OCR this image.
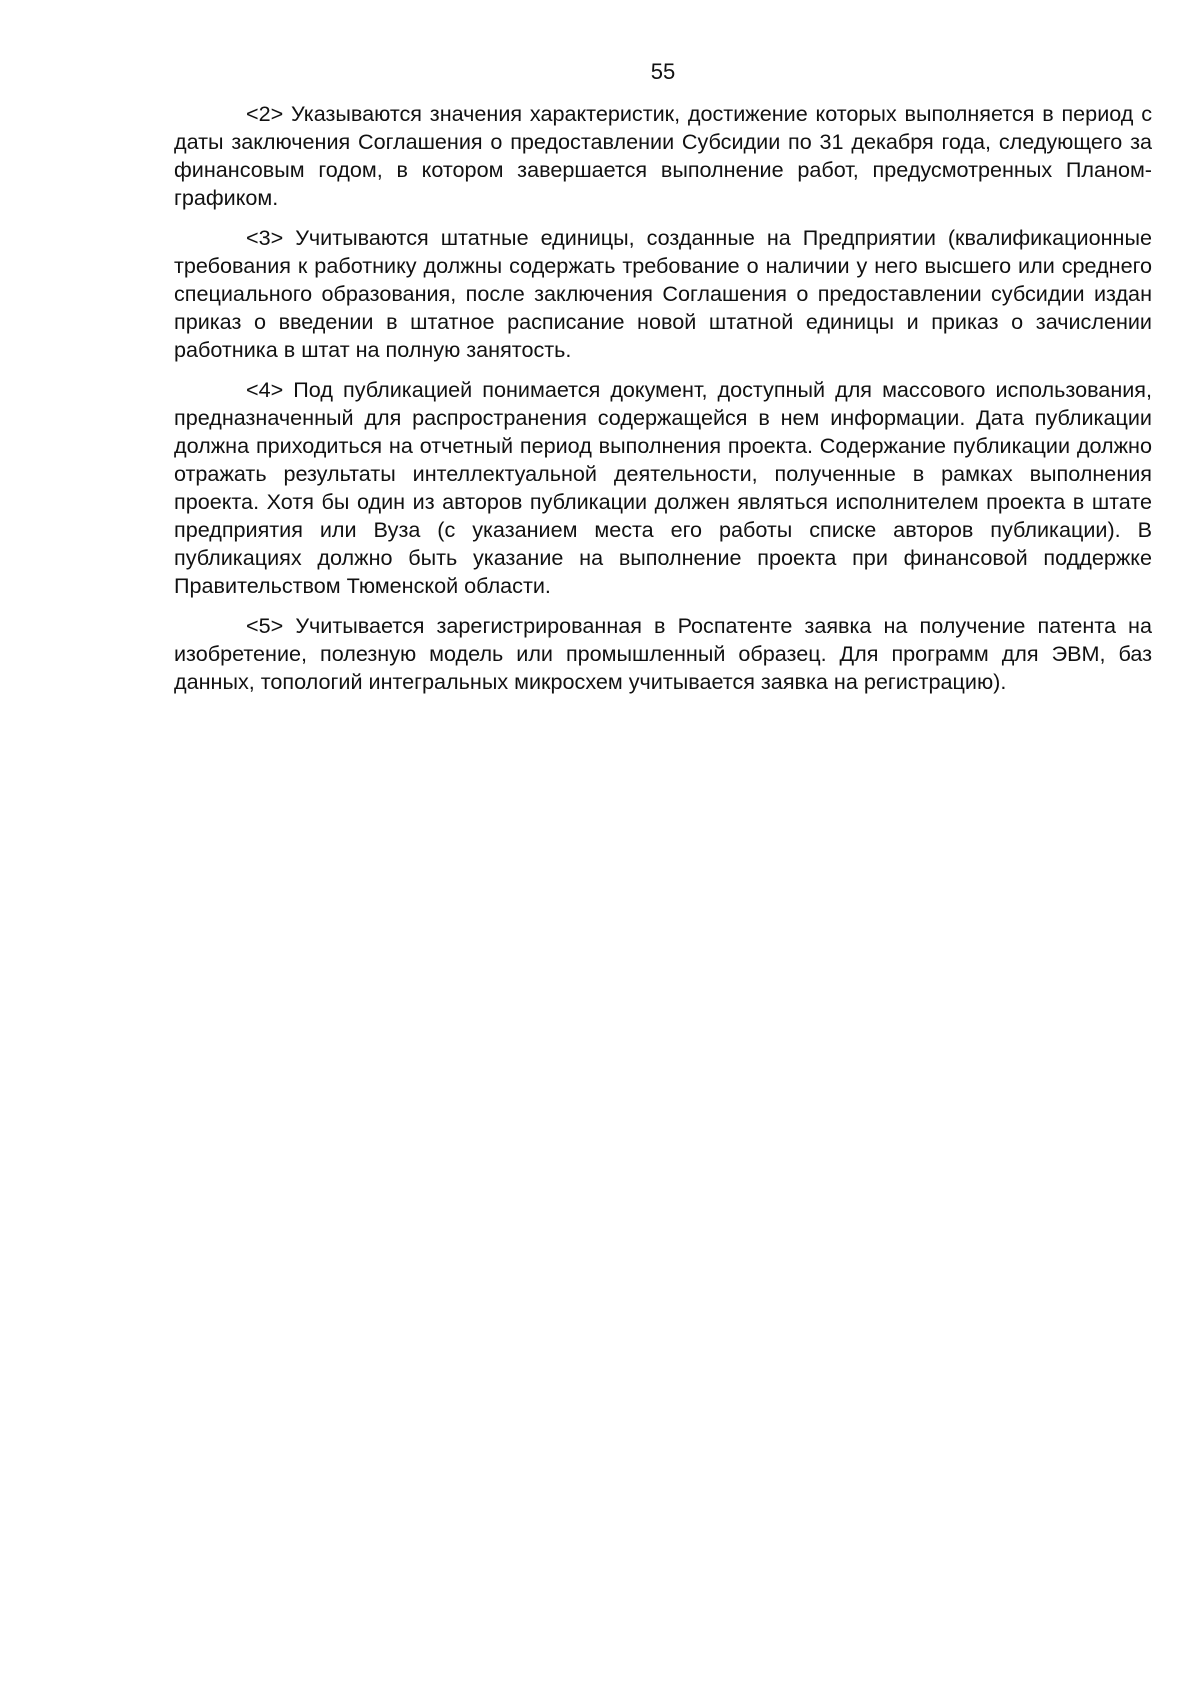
55

<2> Указываются значения характеристик, достижение которых выполняется в период с даты заключения Соглашения о предоставлении Субсидии по 31 декабря года, следующего за финансовым годом, в котором завершается выполнение работ, предусмотренных Планом-графиком.

<3> Учитываются штатные единицы, созданные на Предприятии (квалификационные требования к работнику должны содержать требование о наличии у него высшего или среднего специального образования, после заключения Соглашения о предоставлении субсидии издан приказ о введении в штатное расписание новой штатной единицы и приказ о зачислении работника в штат на полную занятость.

<4> Под публикацией понимается документ, доступный для массового использования, предназначенный для распространения содержащейся в нем информации. Дата публикации должна приходиться на отчетный период выполнения проекта. Содержание публикации должно отражать результаты интеллектуальной деятельности, полученные в рамках выполнения проекта. Хотя бы один из авторов публикации должен являться исполнителем проекта в штате предприятия или Вуза (с указанием места его работы списке авторов публикации). В публикациях должно быть указание на выполнение проекта при финансовой поддержке Правительством Тюменской области.

<5> Учитывается зарегистрированная в Роспатенте заявка на получение патента на изобретение, полезную модель или промышленный образец. Для программ для ЭВМ, баз данных, топологий интегральных микросхем учитывается заявка на регистрацию).
